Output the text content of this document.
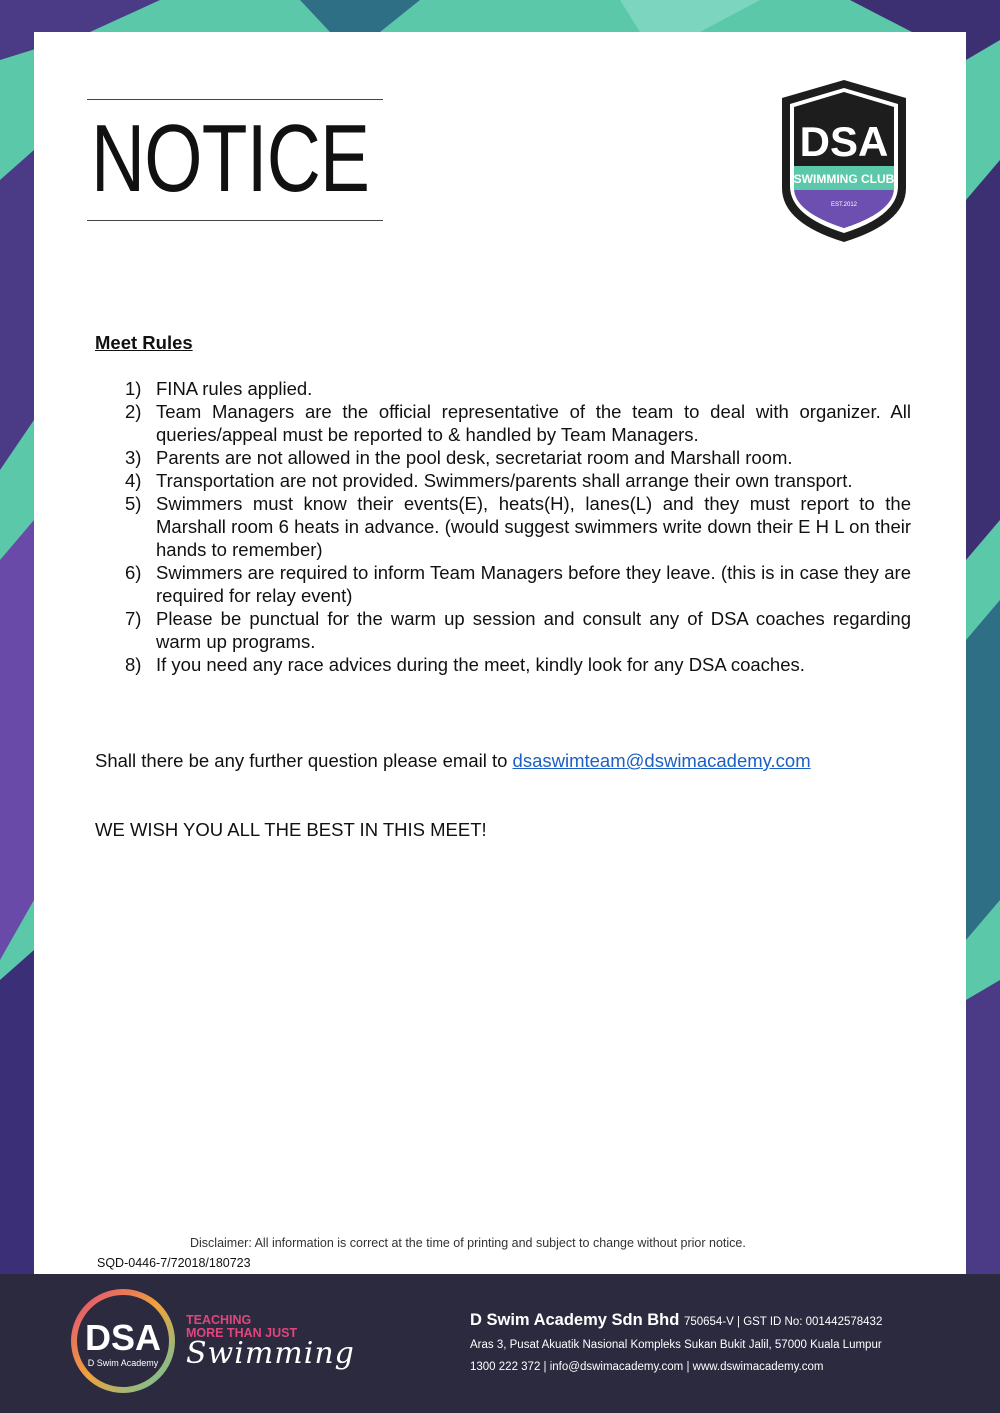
NOTICE	DSA
SWIMMING CLUB
EST.2012
Meet Rules
1) FINA rules applied.
2) Team Managers are the official representative of the team to deal with organizer. All queries/appeal must be reported to & handled by Team Managers.
3) Parents are not allowed in the pool desk, secretariat room and Marshall room.
4) Transportation are not provided. Swimmers/parents shall arrange their own transport.
5) Swimmers must know their events(E), heats(H), lanes(L) and they must report to the Marshall room 6 heats in advance. (would suggest swimmers write down their E H L on their hands to remember)
6) Swimmers are required to inform Team Managers before they leave. (this is in case they are required for relay event)
7) Please be punctual for the warm up session and consult any of DSA coaches regarding warm up programs.
8) If you need any race advices during the meet, kindly look for any DSA coaches.
Shall there be any further question please email to dsaswimteam@dswimacademy.com
WE WISH YOU ALL THE BEST IN THIS MEET!
Disclaimer: All information is correct at the time of printing and subject to change without prior notice.
SQD-0446-7/72018/180723
DSA
D Swim Academy
TEACHING
MORE THAN JUST
Swimming
D Swim Academy Sdn Bhd 750654-V | GST ID No: 001442578432
Aras 3, Pusat Akuatik Nasional Kompleks Sukan Bukit Jalil, 57000 Kuala Lumpur
1300 222 372 | info@dswimacademy.com | www.dswimacademy.com
